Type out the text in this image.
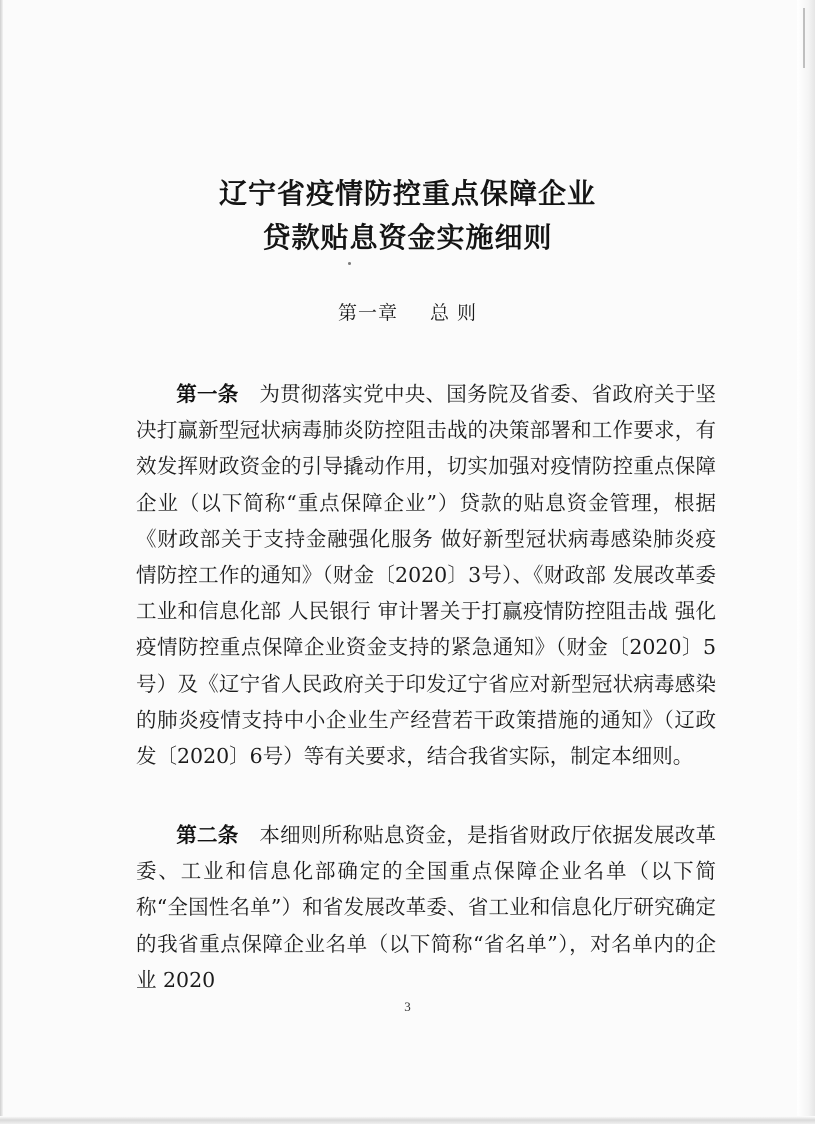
辽宁省疫情防控重点保障企业
贷款贴息资金实施细则
第一章 总 则
第一条  为贯彻落实党中央、国务院及省委、省政府关于坚决打赢新型冠状病毒肺炎防控阻击战的决策部署和工作要求，有效发挥财政资金的引导撬动作用，切实加强对疫情防控重点保障企业（以下简称“重点保障企业”）贷款的贴息资金管理，根据《财政部关于支持金融强化服务 做好新型冠状病毒感染肺炎疫情防控工作的通知》（财金〔2020〕3号）、《财政部 发展改革委 工业和信息化部 人民银行 审计署关于打赢疫情防控阻击战 强化疫情防控重点保障企业资金支持的紧急通知》（财金〔2020〕5号）及《辽宁省人民政府关于印发辽宁省应对新型冠状病毒感染的肺炎疫情支持中小企业生产经营若干政策措施的通知》（辽政发〔2020〕6号）等有关要求，结合我省实际，制定本细则。
第二条  本细则所称贴息资金，是指省财政厅依据发展改革委、工业和信息化部确定的全国重点保障企业名单（以下简称“全国性名单”）和省发展改革委、省工业和信息化厅研究确定的我省重点保障企业名单（以下简称“省名单”），对名单内的企业 2020
3
